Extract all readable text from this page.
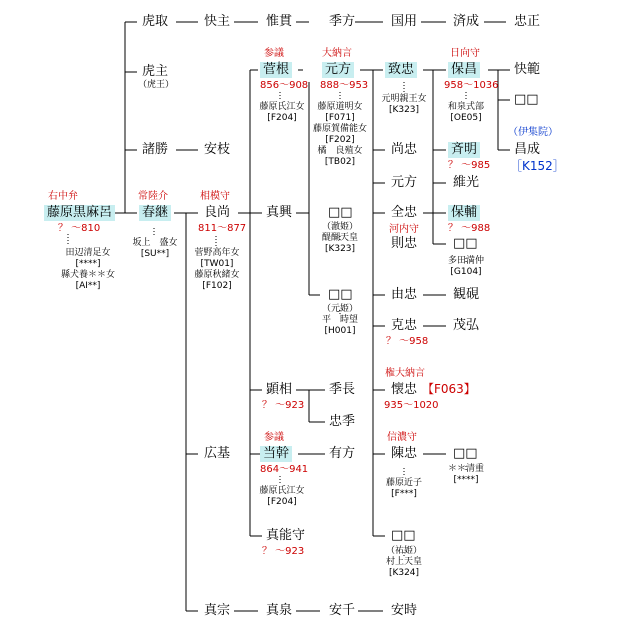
右中弁
藤原黒麻呂
？ ～810
田辺清足女
[****]
縣犬養＊＊女
[AI**]
虎取
虎主
（虎王）
諸勝
常陸介
春継
坂上　盛女
[SU**]
快主
安枝
相模守
良尚
811～877
菅野高年女
[TW01]
藤原秋緒女
[F102]
広基
真宗
惟貫
参議
菅根
856～908
藤原氏江女
[F204]
真興
顕相
？ ～923
参議
当幹
864～941
藤原氏江女
[F204]
真能守
？ ～923
真泉
季方
大納言
元方
888～953
藤原道明女
[F071]
藤原賀備能女
[F202]
橘　良殖女
[TB02]
□□
（澈姫）
醍醐天皇
[K323]
□□
（元姫）
平　時望
[H001]
季長
忠季
有方
安千
国用
致忠
元明親王女
[K323]
尚忠
元方
全忠
河内守
則忠
由忠
克忠
？ ～958
権大納言
懐忠
935～1020
【F063】
信濃守
陳忠
藤原近子
[F***]
□□
（祐姫）
村上天皇
[K324]
安時
済成
日向守
保昌
958～1036
和泉式部
[OE05]
斉明
？ ～985
維光
保輔
？ ～988
□□
多田満仲
[G104]
観硯
茂弘
□□
＊＊清重
[****]
忠正
快範
□□
（伊集院）
昌成
［K152］
